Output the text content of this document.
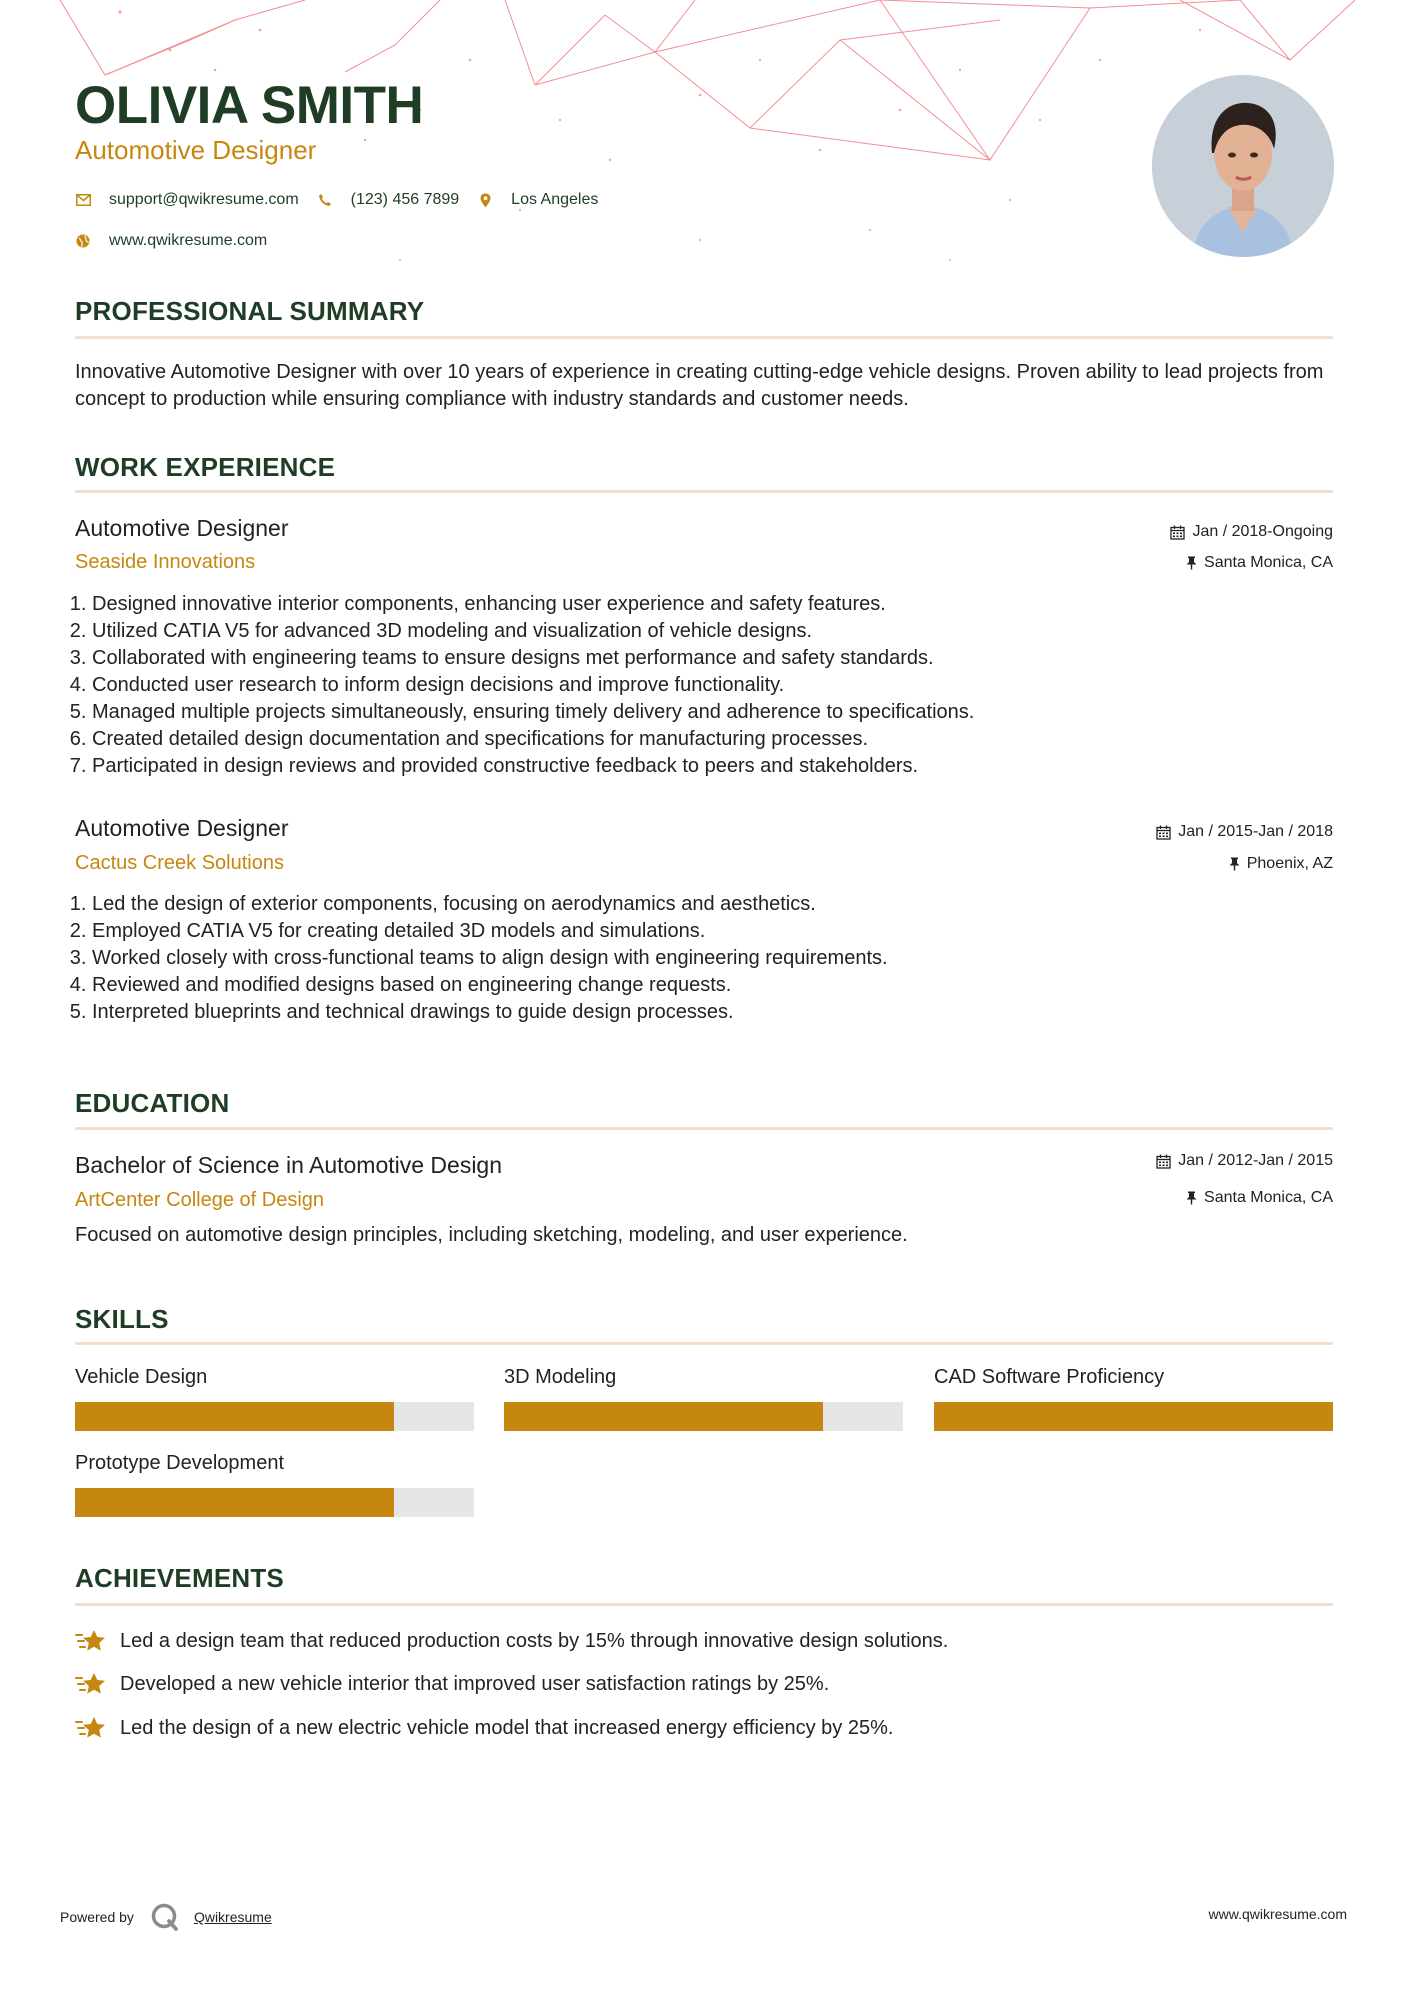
OLIVIA SMITH
Automotive Designer
support@qwikresume.com	(123) 456 7899	Los Angeles
www.qwikresume.com
PROFESSIONAL SUMMARY
Innovative Automotive Designer with over 10 years of experience in creating cutting-edge vehicle designs. Proven ability to lead projects from concept to production while ensuring compliance with industry standards and customer needs.
WORK EXPERIENCE
Automotive Designer
Seaside Innovations
Jan / 2018-Ongoing
Santa Monica, CA
1. Designed innovative interior components, enhancing user experience and safety features.
2. Utilized CATIA V5 for advanced 3D modeling and visualization of vehicle designs.
3. Collaborated with engineering teams to ensure designs met performance and safety standards.
4. Conducted user research to inform design decisions and improve functionality.
5. Managed multiple projects simultaneously, ensuring timely delivery and adherence to specifications.
6. Created detailed design documentation and specifications for manufacturing processes.
7. Participated in design reviews and provided constructive feedback to peers and stakeholders.
Automotive Designer
Cactus Creek Solutions
Jan / 2015-Jan / 2018
Phoenix, AZ
1. Led the design of exterior components, focusing on aerodynamics and aesthetics.
2. Employed CATIA V5 for creating detailed 3D models and simulations.
3. Worked closely with cross-functional teams to align design with engineering requirements.
4. Reviewed and modified designs based on engineering change requests.
5. Interpreted blueprints and technical drawings to guide design processes.
EDUCATION
Bachelor of Science in Automotive Design
ArtCenter College of Design
Jan / 2012-Jan / 2015
Santa Monica, CA
Focused on automotive design principles, including sketching, modeling, and user experience.
SKILLS
Vehicle Design	3D Modeling	CAD Software Proficiency
Prototype Development
ACHIEVEMENTS
Led a design team that reduced production costs by 15% through innovative design solutions.
Developed a new vehicle interior that improved user satisfaction ratings by 25%.
Led the design of a new electric vehicle model that increased energy efficiency by 25%.
Powered by	Qwikresume	www.qwikresume.com
